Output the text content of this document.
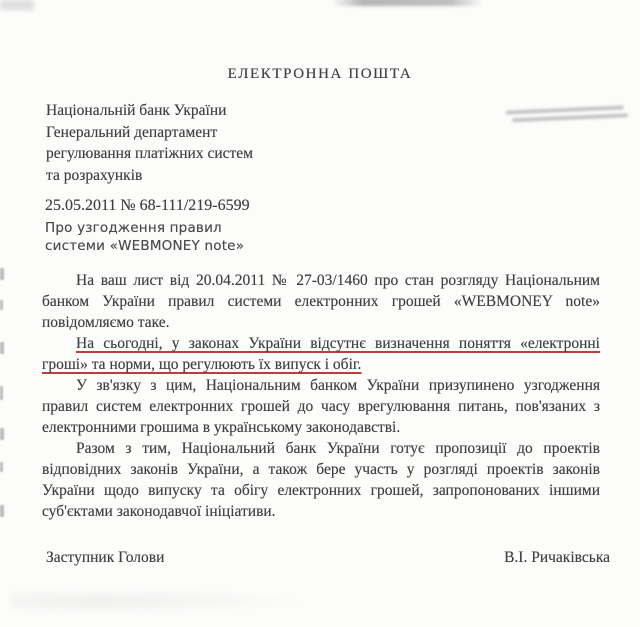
ЕЛЕКТРОННА ПОШТА
Національній банк України
Генеральний департамент
регулювання платіжних систем
та розрахунків
25.05.2011 № 68-111/219-6599
Про узгодження правил
системи «WEBMONEY note»

На ваш лист від 20.04.2011 № 27-03/1460 про стан розгляду Національним банком України правил системи електронних грошей «WEBMONEY note» повідомляємо таке.

На сьогодні, у законах України відсутнє визначення поняття «електронні гроші» та норми, що регулюють їх випуск і обіг.

У зв'язку з цим, Національним банком України призупинено узгодження правил систем електронних грошей до часу врегулювання питань, пов'язаних з електронними грошима в українському законодавстві.

Разом з тим, Національний банк України готує пропозиції до проектів відповідних законів України, а також бере участь у розгляді проектів законів України щодо випуску та обігу електронних грошей, запропонованих іншими суб'єктами законодавчої ініціативи.

Заступник Голови	В.І. Ричаківська
